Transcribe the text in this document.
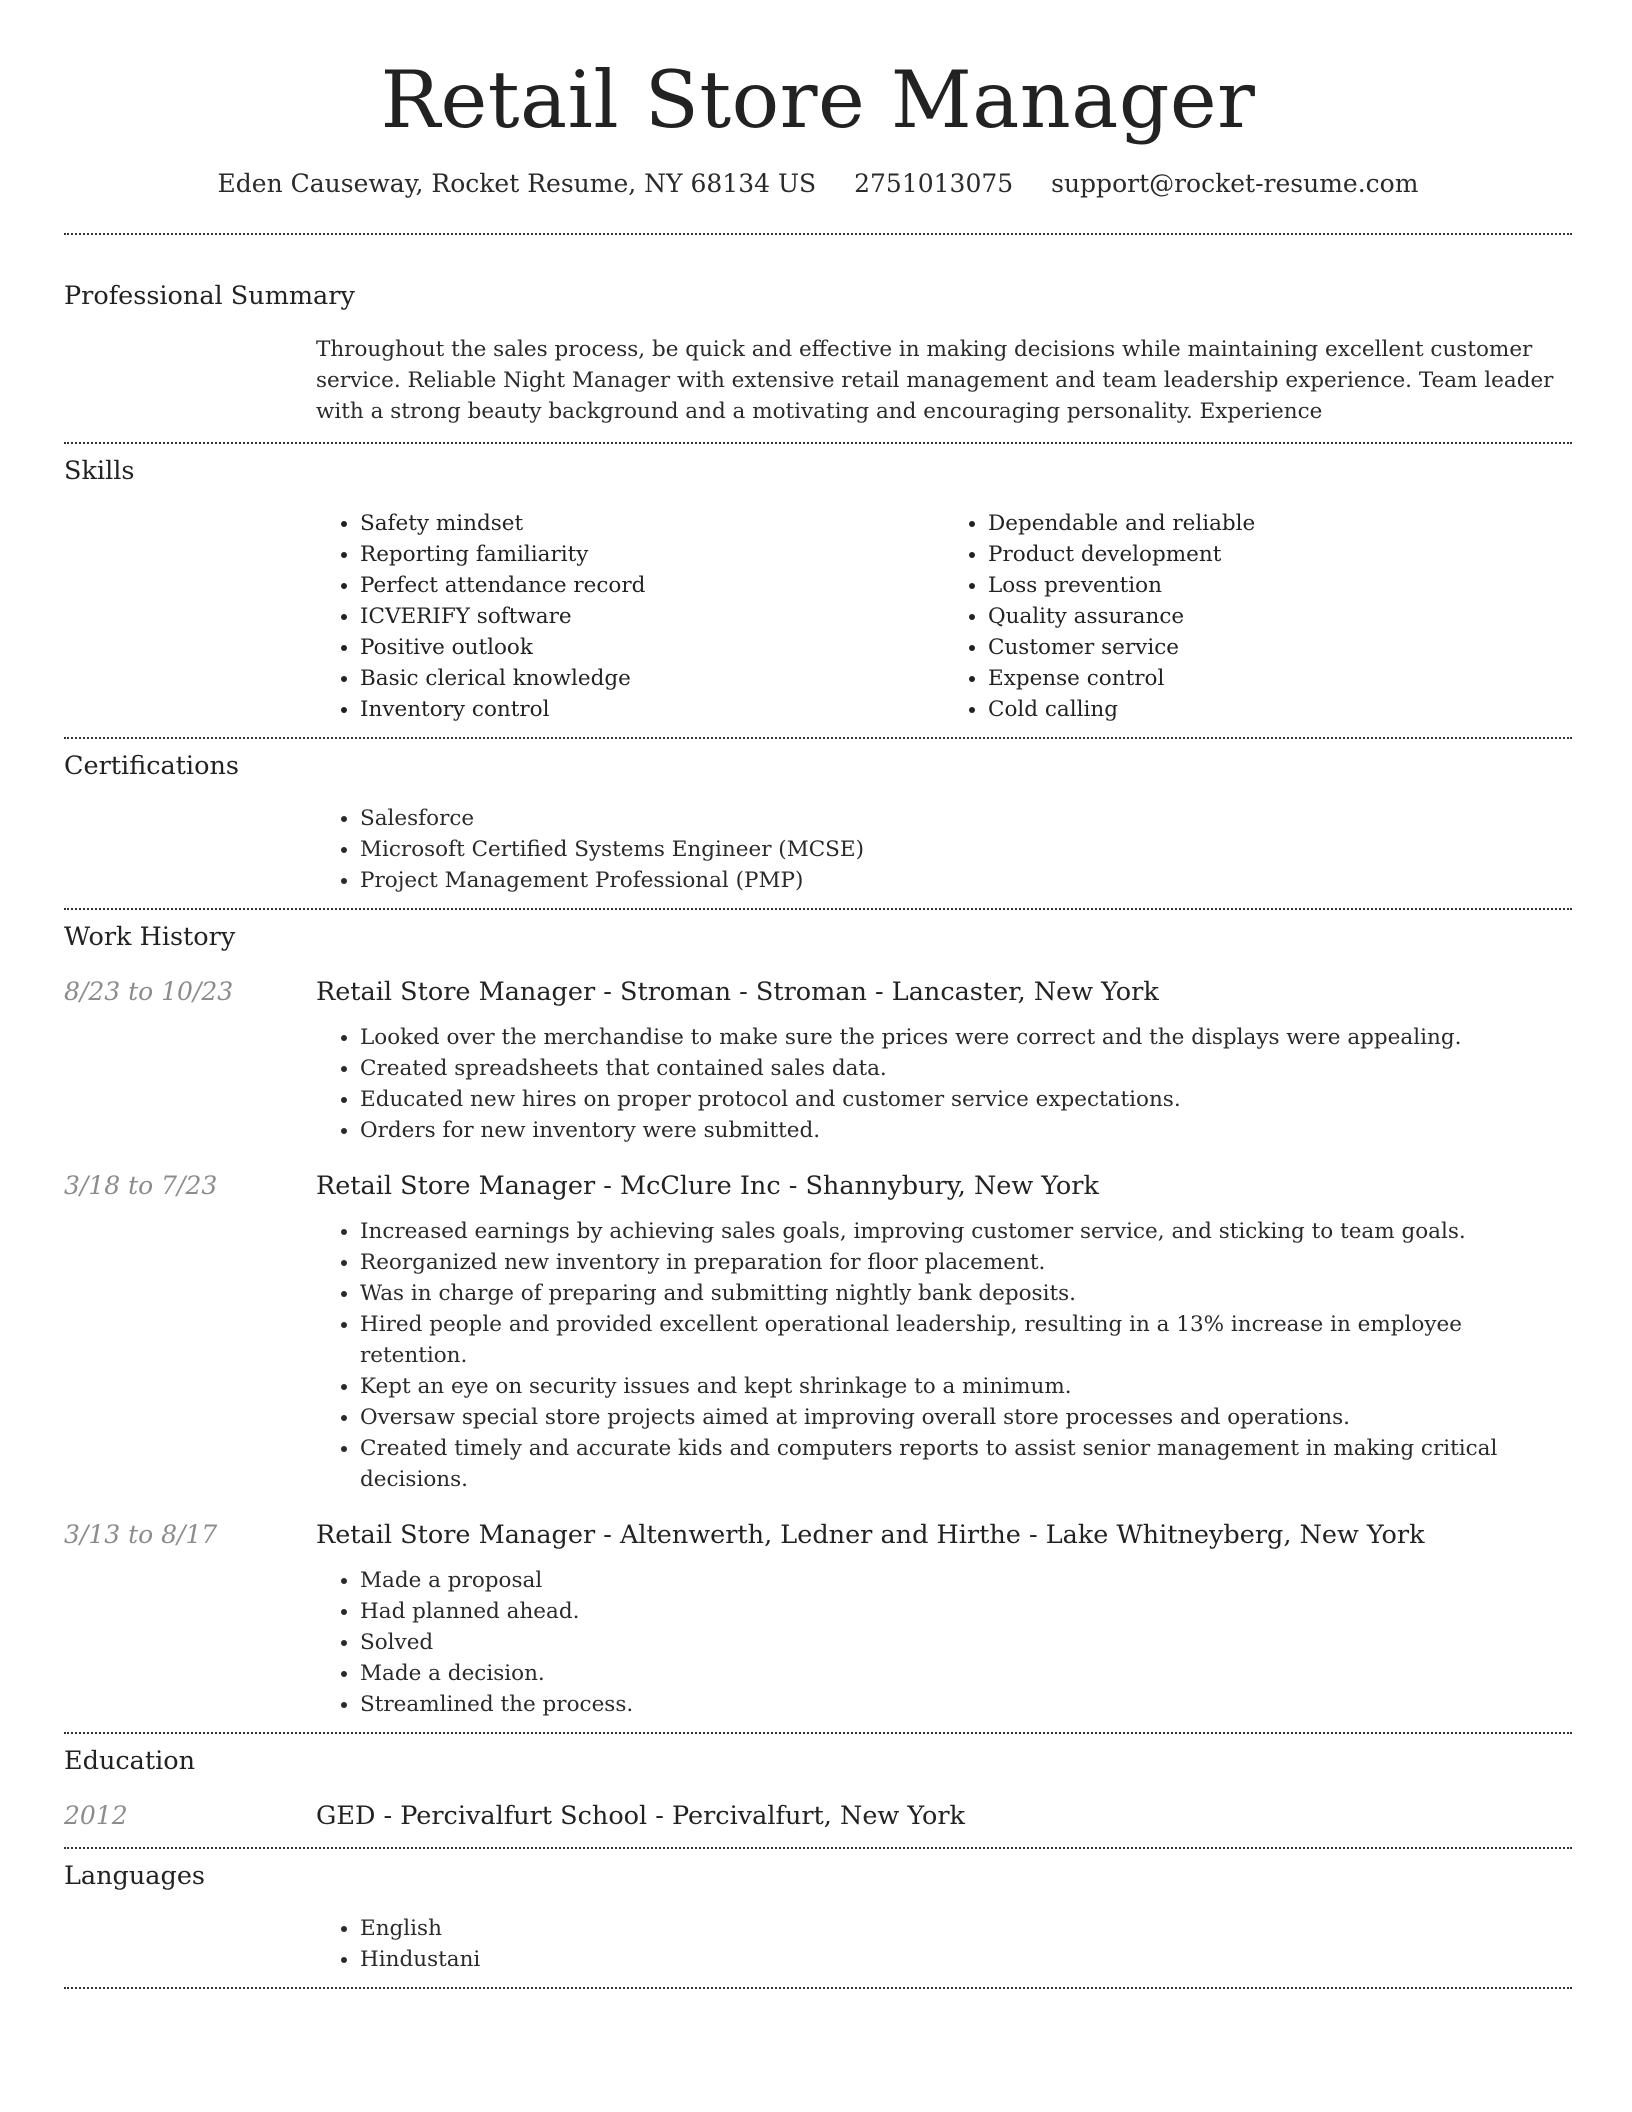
Retail Store Manager
Eden Causeway, Rocket Resume, NY 68134 US 2751013075 support@rocket-resume.com
Professional Summary
Throughout the sales process, be quick and effective in making decisions while maintaining excellent customer service. Reliable Night Manager with extensive retail management and team leadership experience. Team leader with a strong beauty background and a motivating and encouraging personality. Experience
Skills
• Safety mindset
• Reporting familiarity
• Perfect attendance record
• ICVERIFY software
• Positive outlook
• Basic clerical knowledge
• Inventory control
• Dependable and reliable
• Product development
• Loss prevention
• Quality assurance
• Customer service
• Expense control
• Cold calling
Certifications
• Salesforce
• Microsoft Certified Systems Engineer (MCSE)
• Project Management Professional (PMP)
Work History
8/23 to 10/23	Retail Store Manager - Stroman - Stroman - Lancaster, New York
• Looked over the merchandise to make sure the prices were correct and the displays were appealing.
• Created spreadsheets that contained sales data.
• Educated new hires on proper protocol and customer service expectations.
• Orders for new inventory were submitted.
3/18 to 7/23	Retail Store Manager - McClure Inc - Shannybury, New York
• Increased earnings by achieving sales goals, improving customer service, and sticking to team goals.
• Reorganized new inventory in preparation for floor placement.
• Was in charge of preparing and submitting nightly bank deposits.
• Hired people and provided excellent operational leadership, resulting in a 13% increase in employee retention.
• Kept an eye on security issues and kept shrinkage to a minimum.
• Oversaw special store projects aimed at improving overall store processes and operations.
• Created timely and accurate kids and computers reports to assist senior management in making critical decisions.
3/13 to 8/17	Retail Store Manager - Altenwerth, Ledner and Hirthe - Lake Whitneyberg, New York
• Made a proposal
• Had planned ahead.
• Solved
• Made a decision.
• Streamlined the process.
Education
2012	GED - Percivalfurt School - Percivalfurt, New York
Languages
• English
• Hindustani
